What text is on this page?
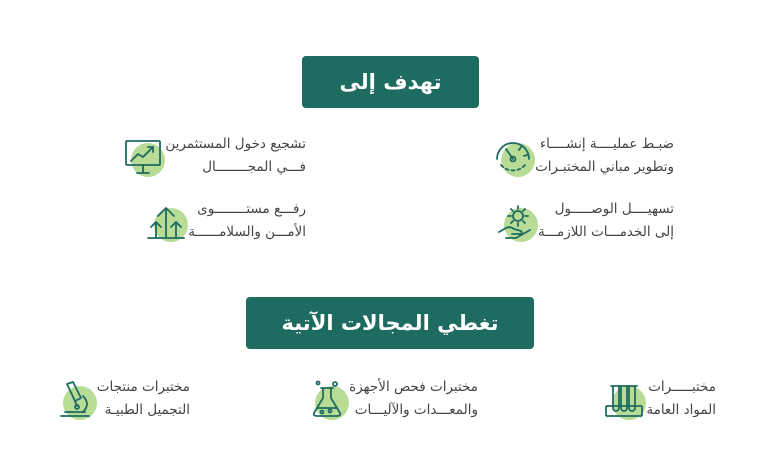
تهدف إلى
ضبـط عمليــــة إنشــــاء
وتطوير مباني المختبـرات
تشجيع دخول المستثمرين
فـــي المجــــــــال
تسهيــــل الوصـــــول
إلى الخدمـــات اللازمـــة
رفـــع مستــــــــوى
الأمـــن والسلامــــــة
تغطي المجالات الآتية
مختبـــــرات
المواد العامة
مختبرات فحص الأجهزة
والمعـــدات والآليـــات
مختبرات منتجات
التجميل الطبيـة
